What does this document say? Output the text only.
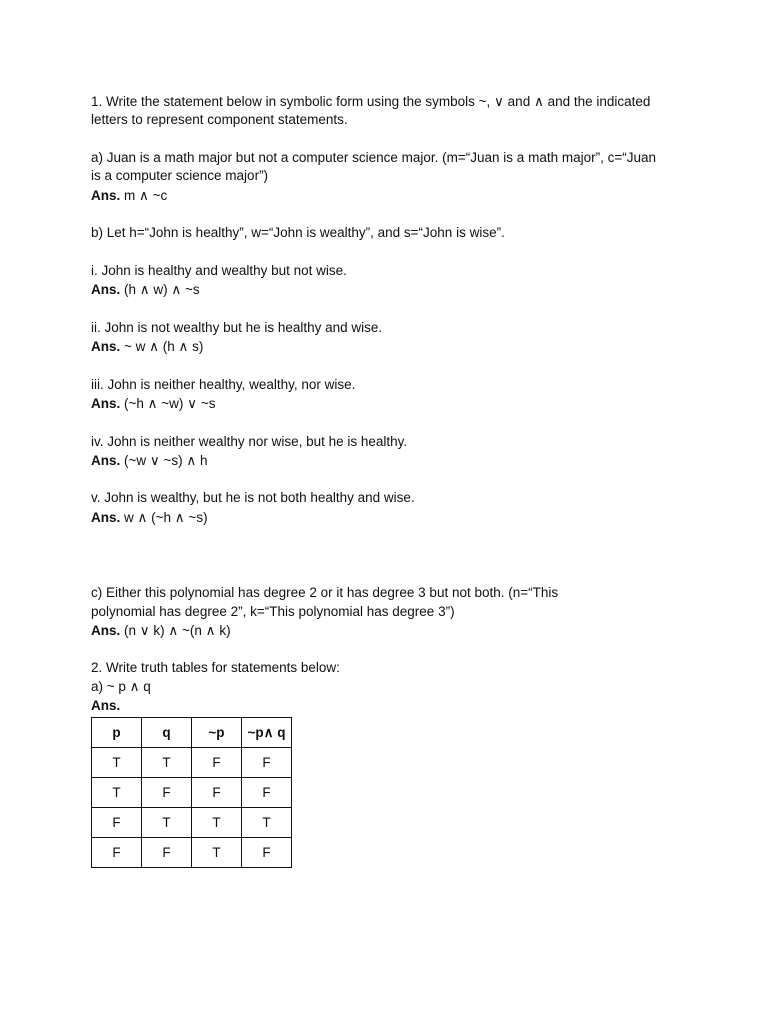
1. Write the statement below in symbolic form using the symbols ~, ∨ and ∧ and the indicated
letters to represent component statements.
a) Juan is a math major but not a computer science major. (m=“Juan is a math major”, c=“Juan
is a computer science major”)
Ans. m ∧ ~c
b) Let h=“John is healthy”, w=“John is wealthy”, and s=“John is wise”.
i. John is healthy and wealthy but not wise.
Ans. (h ∧ w) ∧ ~s
ii. John is not wealthy but he is healthy and wise.
Ans. ~ w ∧ (h ∧ s)
iii. John is neither healthy, wealthy, nor wise.
Ans. (~h ∧ ~w) ∨ ~s
iv. John is neither wealthy nor wise, but he is healthy.
Ans. (~w ∨ ~s) ∧ h
v. John is wealthy, but he is not both healthy and wise.
Ans. w ∧ (~h ∧ ~s)
c) Either this polynomial has degree 2 or it has degree 3 but not both. (n=“This
polynomial has degree 2”, k=“This polynomial has degree 3”)
Ans. (n ∨ k) ∧ ~(n ∧ k)
2. Write truth tables for statements below:
a) ~ p ∧ q
Ans.
p	q	~p	~p∧ q
T	T	F	F
T	F	F	F
F	T	T	T
F	F	T	F
